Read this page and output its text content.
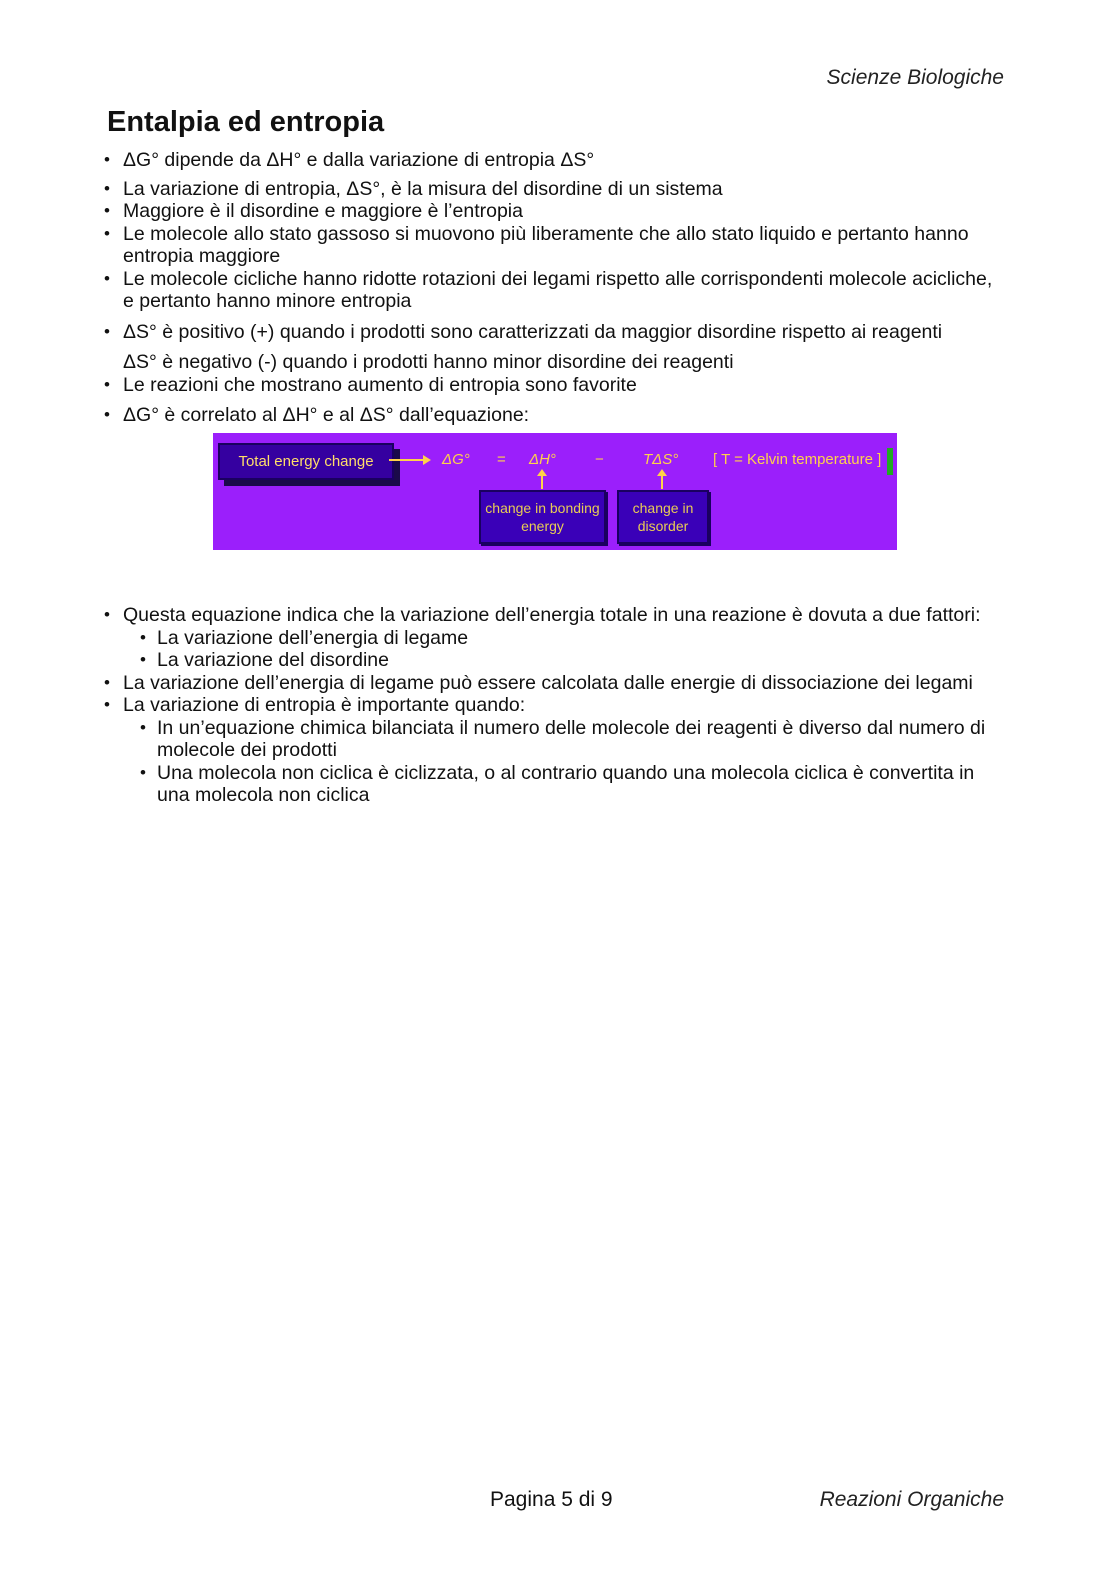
Scienze Biologiche
Entalpia ed entropia
• ΔG° dipende da ΔH° e dalla variazione di entropia ΔS°
• La variazione di entropia, ΔS°, è la misura del disordine di un sistema
• Maggiore è il disordine e maggiore è l’entropia
• Le molecole allo stato gassoso si muovono più liberamente che allo stato liquido e pertanto hanno entropia maggiore
• Le molecole cicliche hanno ridotte rotazioni dei legami rispetto alle corrispondenti molecole acicliche, e pertanto hanno minore entropia
• ΔS° è positivo (+) quando i prodotti sono caratterizzati da maggior disordine rispetto ai reagenti
ΔS° è negativo (-) quando i prodotti hanno minor disordine dei reagenti
• Le reazioni che mostrano aumento di entropia sono favorite
• ΔG° è correlato al ΔH° e al ΔS° dall’equazione:
Total energy change	ΔG° = ΔH°	−	TΔS° [ T = Kelvin temperature ]
change in bonding energy
change in disorder
• Questa equazione indica che la variazione dell’energia totale in una reazione è dovuta a due fattori:
• La variazione dell’energia di legame
• La variazione del disordine
• La variazione dell’energia di legame può essere calcolata dalle energie di dissociazione dei legami
• La variazione di entropia è importante quando:
• In un’equazione chimica bilanciata il numero delle molecole dei reagenti è diverso dal numero di molecole dei prodotti
• Una molecola non ciclica è ciclizzata, o al contrario quando una molecola ciclica è convertita in una molecola non ciclica
Pagina 5 di 9	Reazioni Organiche
